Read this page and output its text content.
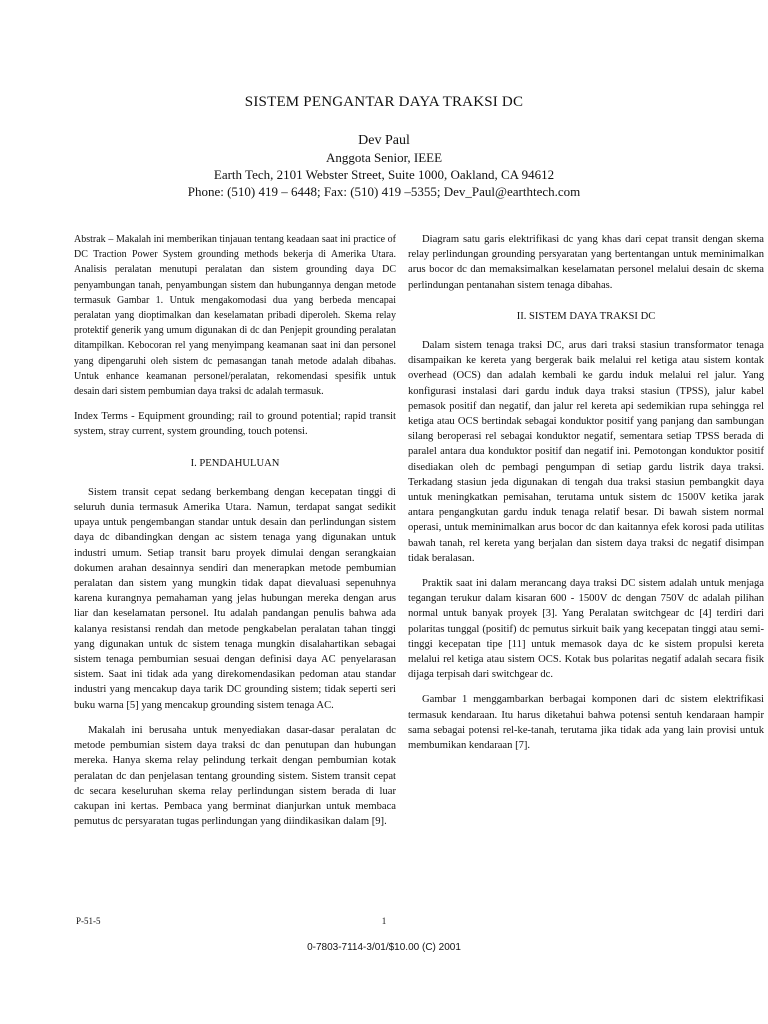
SISTEM PENGANTAR DAYA TRAKSI DC
Dev Paul
Anggota Senior, IEEE
Earth Tech, 2101 Webster Street, Suite 1000, Oakland, CA 94612
Phone: (510) 419 – 6448; Fax: (510) 419 –5355; Dev_Paul@earthtech.com

Abstrak – Makalah ini memberikan tinjauan tentang keadaan saat ini practice of DC Traction Power System grounding methods bekerja di Amerika Utara. Analisis peralatan menutupi peralatan dan sistem grounding daya DC penyambungan tanah, penyambungan sistem dan hubungannya dengan metode termasuk Gambar 1. Untuk mengakomodasi dua yang berbeda mencapai peralatan yang dioptimalkan dan keselamatan pribadi diperoleh. Skema relay protektif generik yang umum digunakan di dc dan Penjepit grounding peralatan ditampilkan. Kebocoran rel yang menyimpang keamanan saat ini dan personel yang dipengaruhi oleh sistem dc pemasangan tanah metode adalah dibahas. Untuk enhance keamanan personel/peralatan, rekomendasi spesifik untuk desain dari sistem pembumian daya traksi dc adalah termasuk.

Index Terms - Equipment grounding; rail to ground potential; rapid transit system, stray current, system grounding, touch potensi.

I. PENDAHULUAN

Sistem transit cepat sedang berkembang dengan kecepatan tinggi di seluruh dunia termasuk Amerika Utara. Namun, terdapat sangat sedikit upaya untuk pengembangan standar untuk desain dan perlindungan sistem daya dc dibandingkan dengan ac sistem tenaga yang digunakan untuk industri umum. Setiap transit baru proyek dimulai dengan serangkaian dokumen arahan desainnya sendiri dan menerapkan metode pembumian peralatan dan sistem yang mungkin tidak dapat dievaluasi sepenuhnya karena kurangnya pemahaman yang jelas hubungan mereka dengan arus liar dan keselamatan personel. Itu adalah pandangan penulis bahwa ada kalanya resistansi rendah dan metode pengkabelan peralatan tahan tinggi yang digunakan untuk dc sistem tenaga mungkin disalahartikan sebagai sistem tenaga pembumian sesuai dengan definisi daya AC penyelarasan sistem. Saat ini tidak ada yang direkomendasikan pedoman atau standar industri yang mencakup daya tarik DC grounding sistem; tidak seperti seri buku warna [5] yang mencakup grounding sistem tenaga AC.

Makalah ini berusaha untuk menyediakan dasar-dasar peralatan dc metode pembumian sistem daya traksi dc dan penutupan dan hubungan mereka. Hanya skema relay pelindung terkait dengan pembumian kotak peralatan dc dan penjelasan tentang grounding sistem. Sistem transit cepat dc secara keseluruhan skema relay perlindungan sistem berada di luar cakupan ini kertas. Pembaca yang berminat dianjurkan untuk membaca pemutus dc persyaratan tugas perlindungan yang diindikasikan dalam [9].

Diagram satu garis elektrifikasi dc yang khas dari cepat transit dengan skema relay perlindungan grounding persyaratan yang bertentangan untuk meminimalkan arus bocor dc dan memaksimalkan keselamatan personel melalui desain dc skema perlindungan pentanahan sistem tenaga dibahas.

II. SISTEM DAYA TRAKSI DC

Dalam sistem tenaga traksi DC, arus dari traksi stasiun transformator tenaga disampaikan ke kereta yang bergerak baik melalui rel ketiga atau sistem kontak overhead (OCS) dan adalah kembali ke gardu induk melalui rel jalur. Yang konfigurasi instalasi dari gardu induk daya traksi stasiun (TPSS), jalur kabel pemasok positif dan negatif, dan jalur rel kereta api sedemikian rupa sehingga rel ketiga atau OCS bertindak sebagai konduktor positif yang panjang dan sambungan silang beroperasi rel sebagai konduktor negatif, sementara setiap TPSS berada di paralel antara dua konduktor positif dan negatif ini. Pemotongan konduktor positif disediakan oleh dc pembagi pengumpan di setiap gardu listrik daya traksi. Terkadang stasiun jeda digunakan di tengah dua traksi stasiun pembangkit daya untuk meningkatkan pemisahan, terutama untuk sistem dc 1500V ketika jarak antara pengangkutan gardu induk tenaga relatif besar. Di bawah sistem normal operasi, untuk meminimalkan arus bocor dc dan kaitannya efek korosi pada utilitas bawah tanah, rel kereta yang berjalan dan sistem daya traksi dc negatif disimpan tidak beralasan.

Praktik saat ini dalam merancang daya traksi DC sistem adalah untuk menjaga tegangan terukur dalam kisaran 600 - 1500V dc dengan 750V dc adalah pilihan normal untuk banyak proyek [3]. Yang Peralatan switchgear dc [4] terdiri dari polaritas tunggal (positif) dc pemutus sirkuit baik yang kecepatan tinggi atau semi-tinggi kecepatan tipe [11] untuk memasok daya dc ke sistem propulsi kereta melalui rel ketiga atau sistem OCS. Kotak bus polaritas negatif adalah secara fisik dijaga terpisah dari switchgear dc.

Gambar 1 menggambarkan berbagai komponen dari dc sistem elektrifikasi termasuk kendaraan. Itu harus diketahui bahwa potensi sentuh kendaraan hampir sama sebagai potensi rel-ke-tanah, terutama jika tidak ada yang lain provisi untuk membumikan kendaraan [7].

P-51-5	1
0-7803-7114-3/01/$10.00 (C) 2001
